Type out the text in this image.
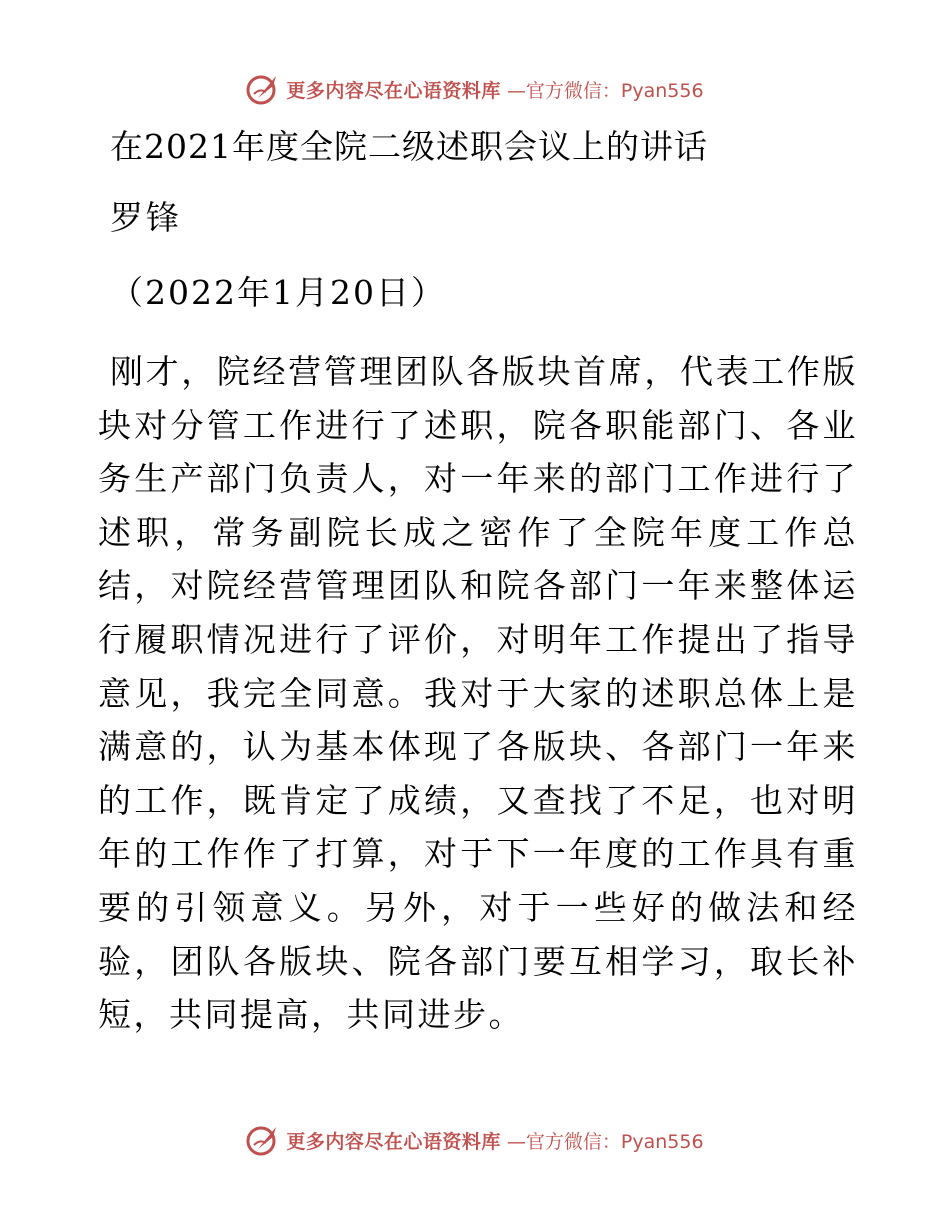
更多内容尽在心语资料库 —官方微信：Pyan556
在2021年度全院二级述职会议上的讲话
罗锋
（2022年1月20日）

刚才，院经营管理团队各版块首席，代表工作版块对分管工作进行了述职，院各职能部门、各业务生产部门负责人，对一年来的部门工作进行了述职，常务副院长成之密作了全院年度工作总结，对院经营管理团队和院各部门一年来整体运行履职情况进行了评价，对明年工作提出了指导意见，我完全同意。我对于大家的述职总体上是满意的，认为基本体现了各版块、各部门一年来的工作，既肯定了成绩，又查找了不足，也对明年的工作作了打算，对于下一年度的工作具有重要的引领意义。另外，对于一些好的做法和经验，团队各版块、院各部门要互相学习，取长补短，共同提高，共同进步。

更多内容尽在心语资料库 —官方微信：Pyan556
